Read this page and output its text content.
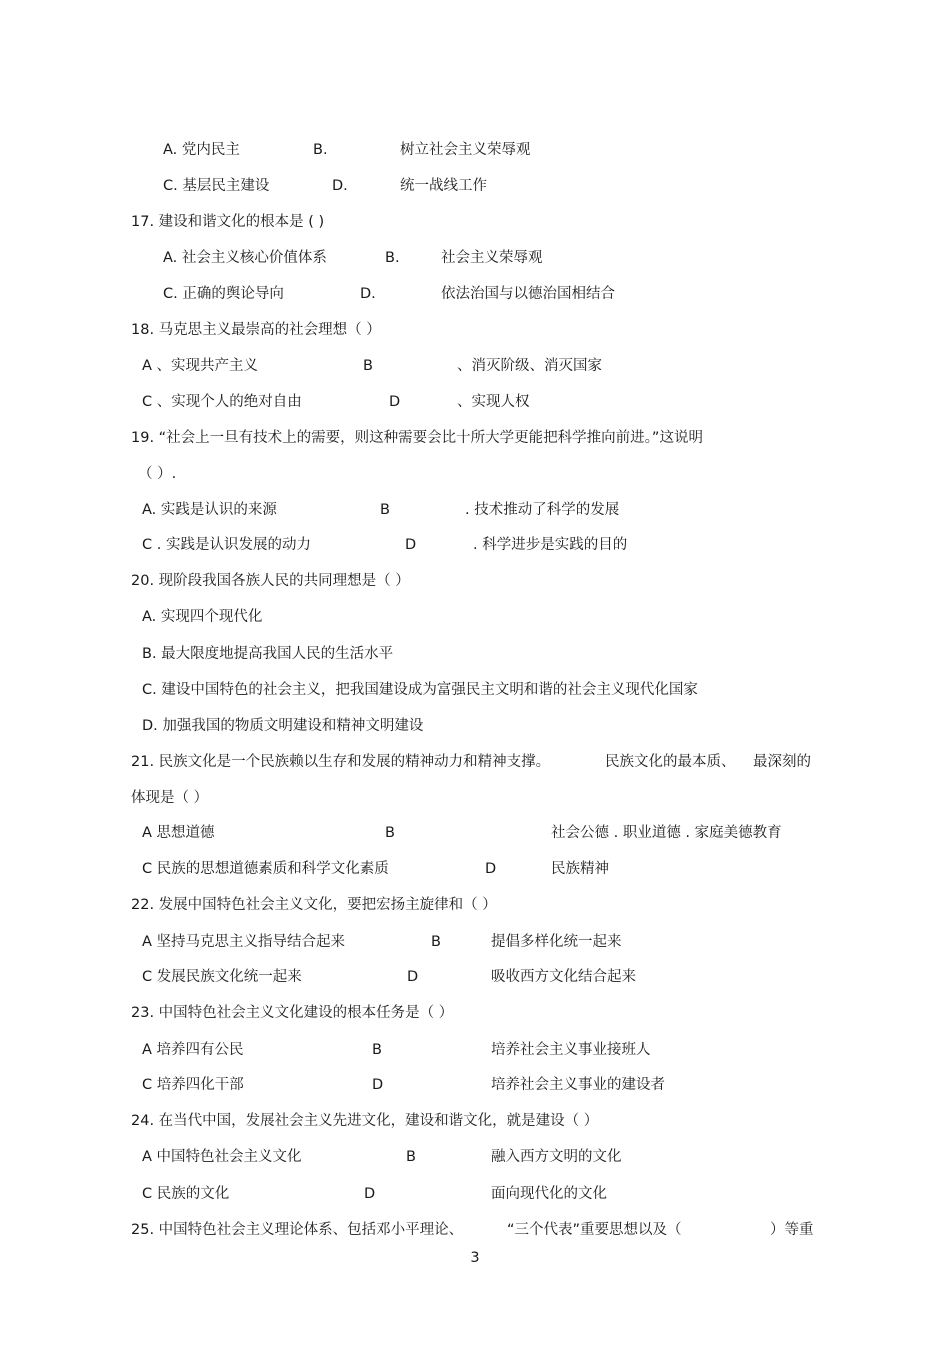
A. 党内民主	B.	树立社会主义荣辱观
C. 基层民主建设	D.	统一战线工作
17. 建设和谐文化的根本是 ( )
A. 社会主义核心价值体系	B.	社会主义荣辱观
C. 正确的舆论导向	D.	依法治国与以德治国相结合
18. 马克思主义最崇高的社会理想（ ）
A 、实现共产主义	B	、消灭阶级、消灭国家
C 、实现个人的绝对自由	D	、实现人权
19. “社会上一旦有技术上的需要，则这种需要会比十所大学更能把科学推向前进。”这说明
（ ）.
A. 实践是认识的来源	B	. 技术推动了科学的发展
C . 实践是认识发展的动力	D	. 科学进步是实践的目的
20. 现阶段我国各族人民的共同理想是（ ）
A. 实现四个现代化
B. 最大限度地提高我国人民的生活水平
C. 建设中国特色的社会主义，把我国建设成为富强民主文明和谐的社会主义现代化国家
D. 加强我国的物质文明建设和精神文明建设
21. 民族文化是一个民族赖以生存和发展的精神动力和精神支撑。	民族文化的最本质、 最深刻的
体现是（ ）
A 思想道德	B	社会公德 . 职业道德 . 家庭美德教育
C 民族的思想道德素质和科学文化素质	D	民族精神
22. 发展中国特色社会主义文化，要把宏扬主旋律和（ ）
A 坚持马克思主义指导结合起来	B	提倡多样化统一起来
C 发展民族文化统一起来	D	吸收西方文化结合起来
23. 中国特色社会主义文化建设的根本任务是（ ）
A 培养四有公民	B	培养社会主义事业接班人
C 培养四化干部	D	培养社会主义事业的建设者
24. 在当代中国，发展社会主义先进文化，建设和谐文化，就是建设（ ）
A 中国特色社会主义文化	B	融入西方文明的文化
C 民族的文化	D	面向现代化的文化
25. 中国特色社会主义理论体系、包括邓小平理论、	“三个代表”重要思想以及（	）等重
3
